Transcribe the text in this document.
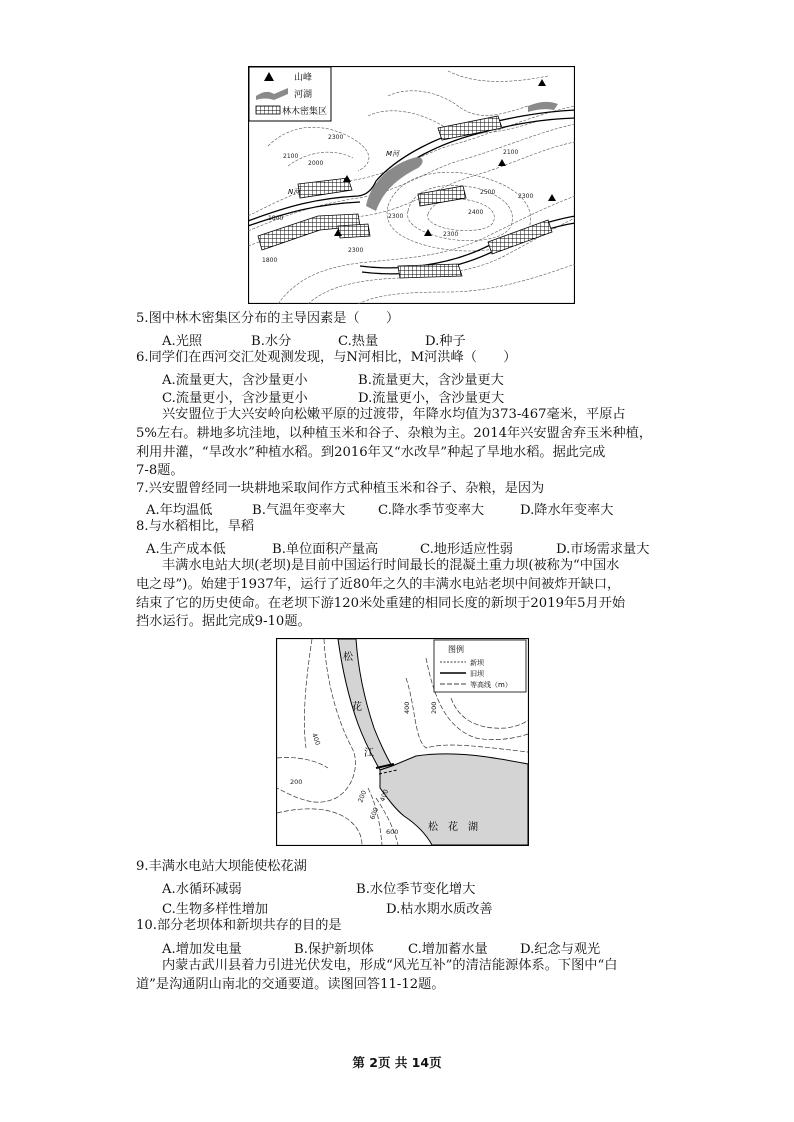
2300
2100
2000
2100
1800
1800
2300
2300
2400
2500
2300
2300
N河
M河
山峰
河湖
林木密集区
5.图中林木密集区分布的主导因素是（　　）
A.光照	B.水分	C.热量	D.种子
6.同学们在西河交汇处观测发现，与N河相比，M河洪峰（　　）
A.流量更大，含沙量更小	B.流量更大，含沙量更大
C.流量更小，含沙量更小	D.流量更小，含沙量更大
兴安盟位于大兴安岭向松嫩平原的过渡带，年降水均值为373-467毫米，平原占
5%左右。耕地多坑洼地，以种植玉米和谷子、杂粮为主。2014年兴安盟舍弃玉米种植，
利用井灌，“旱改水”种植水稻。到2016年又“水改旱”种起了旱地水稻。据此完成
7-8题。
7.兴安盟曾经同一块耕地采取间作方式种植玉米和谷子、杂粮，是因为
A.年均温低	B.气温年变率大 C.降水季节变率大	D.降水年变率大
8.与水稻相比，旱稻
A.生产成本低	B.单位面积产量高	C.地形适应性弱	D.市场需求量大
丰满水电站大坝(老坝)是目前中国运行时间最长的混凝土重力坝(被称为“中国水
电之母”)。始建于1937年，运行了近80年之久的丰满水电站老坝中间被炸开缺口，
结束了它的历史使命。在老坝下游120米处重建的相同长度的新坝于2019年5月开始
挡水运行。据此完成9-10题。
400	200
400
200
200
600
400
600
松
花
江
松 花 湖
图例
新坝
旧坝
等高线（m）
9.丰满水电站大坝能使松花湖
A.水循环减弱	B.水位季节变化增大
C.生物多样性增加	D.枯水期水质改善
10.部分老坝体和新坝共存的目的是
A.增加发电量	B.保护新坝体	C.增加蓄水量 D.纪念与观光
内蒙古武川县着力引进光伏发电，形成“风光互补”的清洁能源体系。下图中“白
道”是沟通阴山南北的交通要道。读图回答11-12题。
第 2页 共 14页
